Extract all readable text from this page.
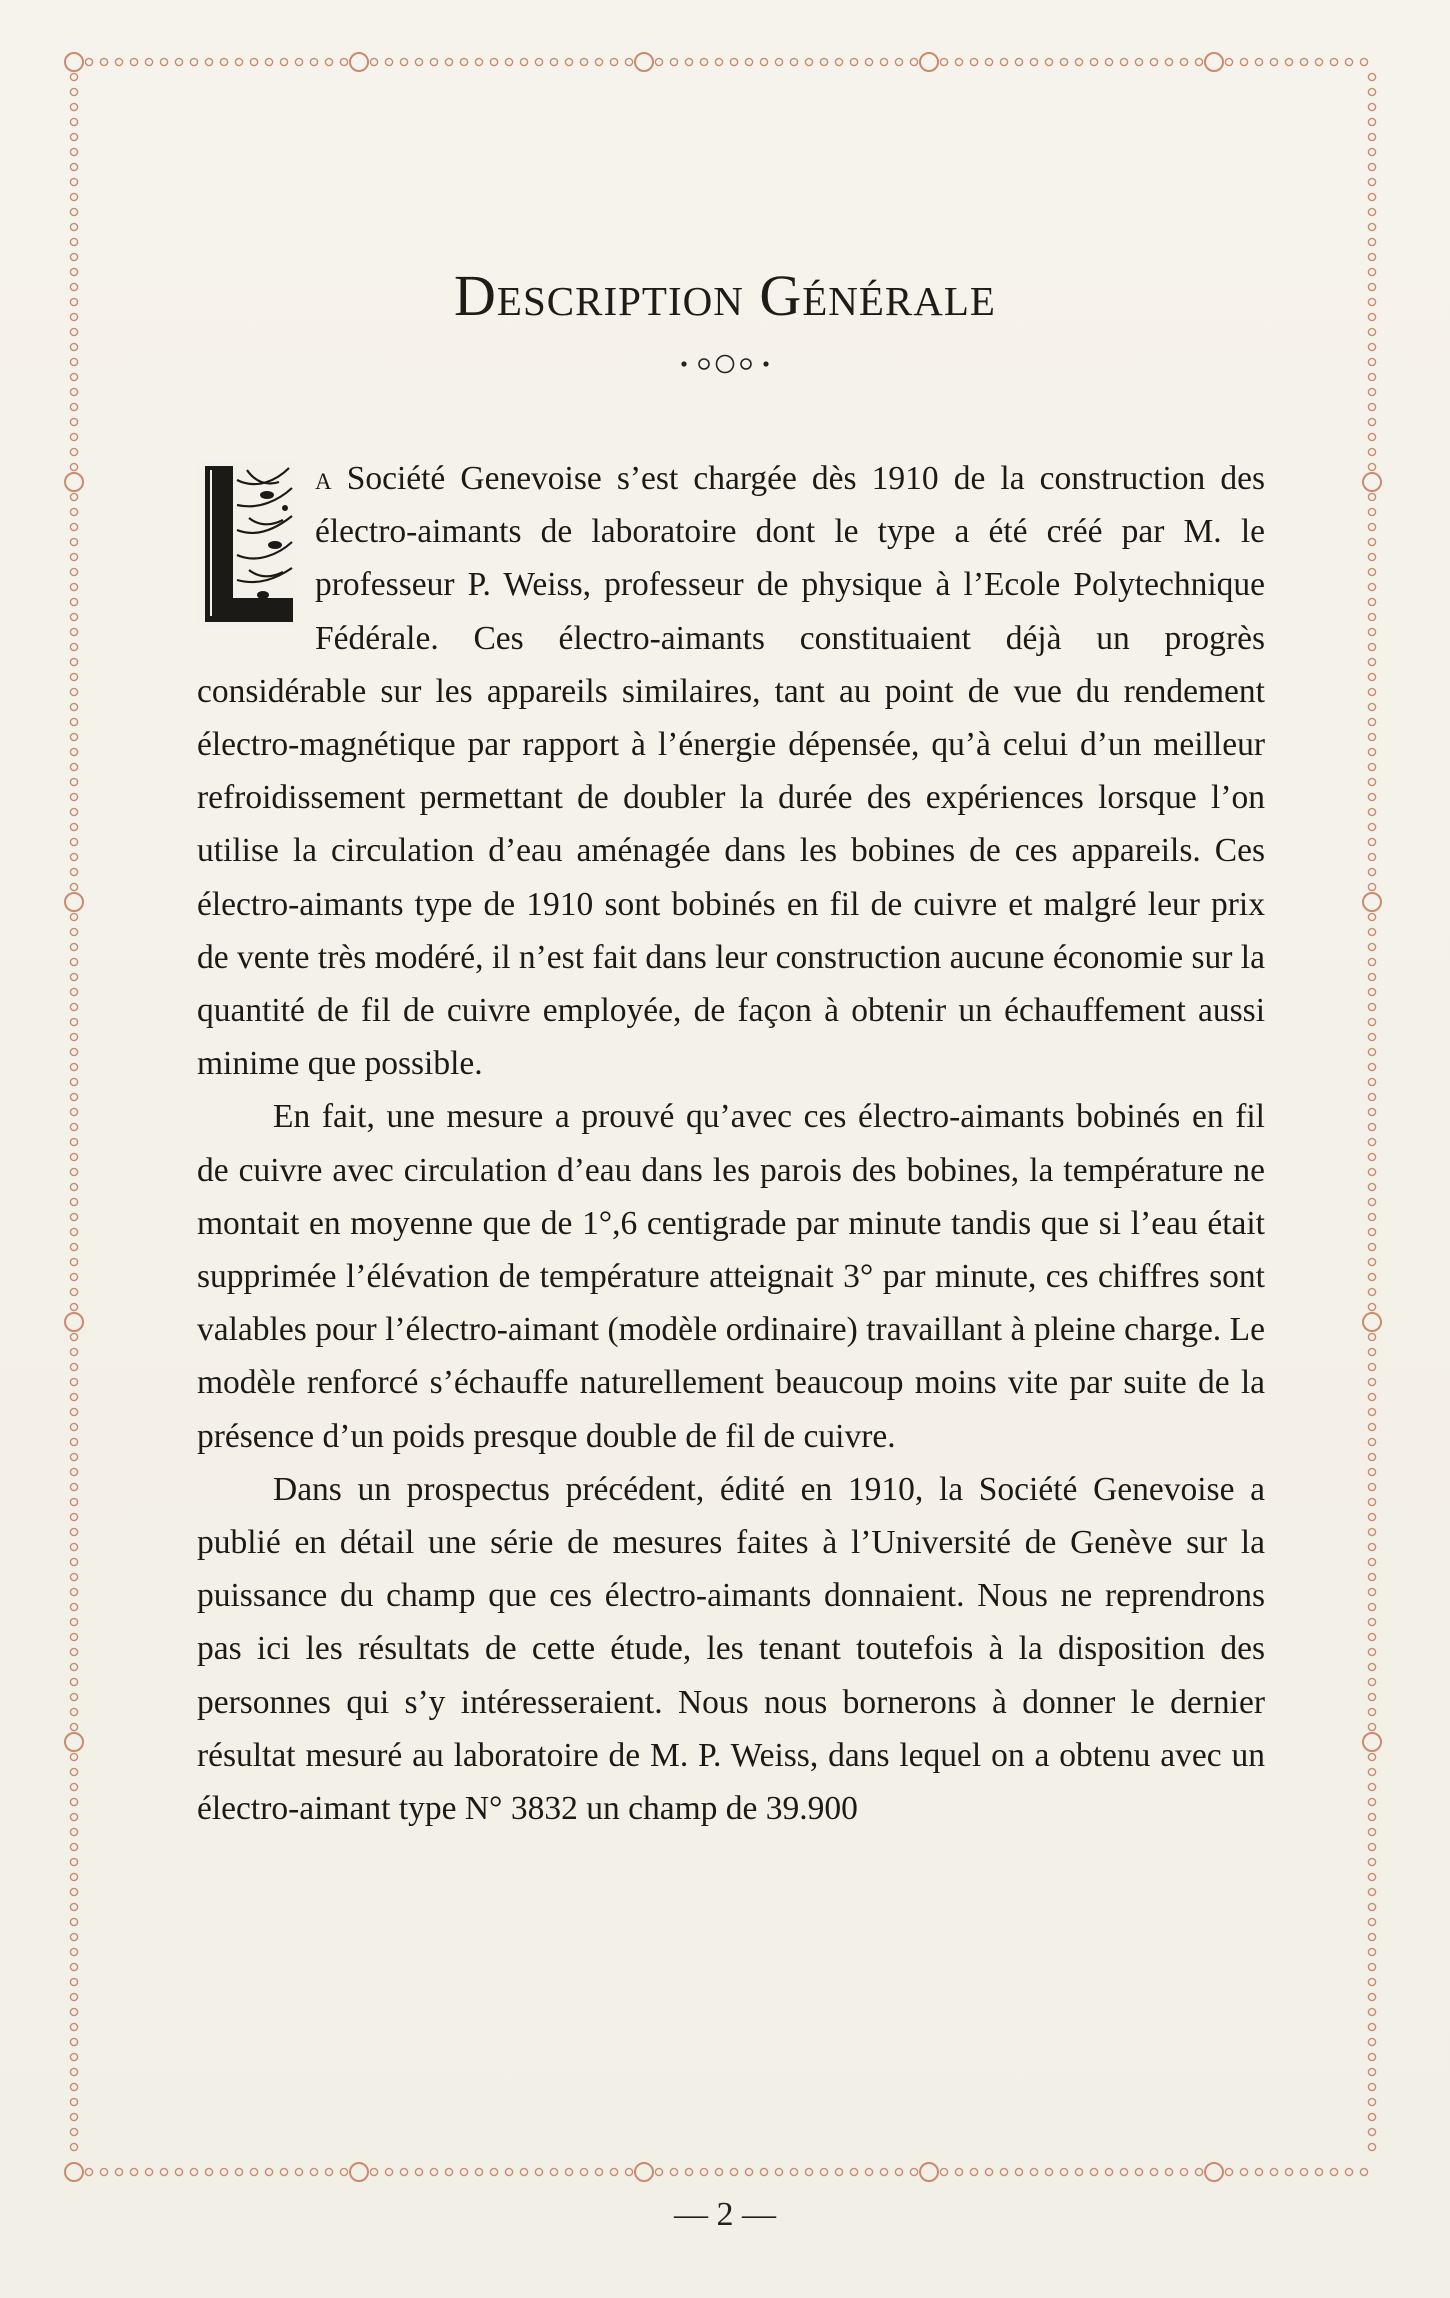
Description Générale

a Société Genevoise s’est chargée dès 1910 de la construction des électro-aimants de laboratoire dont le type a été créé par M. le professeur P. Weiss, professeur de physique à l’Ecole Polytechnique Fédérale. Ces électro-aimants constituaient déjà un progrès considérable sur les appareils similaires, tant au point de vue du rendement électro-magnétique par rapport à l’énergie dépensée, qu’à celui d’un meilleur refroidissement permettant de doubler la durée des expériences lorsque l’on utilise la circulation d’eau aménagée dans les bobines de ces appareils. Ces électro-aimants type de 1910 sont bobinés en fil de cuivre et malgré leur prix de vente très modéré, il n’est fait dans leur construction aucune économie sur la quantité de fil de cuivre employée, de façon à obtenir un échauffement aussi minime que possible.

En fait, une mesure a prouvé qu’avec ces électro-aimants bobinés en fil de cuivre avec circulation d’eau dans les parois des bobines, la température ne montait en moyenne que de 1°,6 centigrade par minute tandis que si l’eau était supprimée l’élévation de température atteignait 3° par minute, ces chiffres sont valables pour l’électro-aimant (modèle ordinaire) travaillant à pleine charge. Le modèle renforcé s’échauffe naturellement beaucoup moins vite par suite de la présence d’un poids presque double de fil de cuivre.

Dans un prospectus précédent, édité en 1910, la Société Genevoise a publié en détail une série de mesures faites à l’Université de Genève sur la puissance du champ que ces électro-aimants donnaient. Nous ne reprendrons pas ici les résultats de cette étude, les tenant toutefois à la disposition des personnes qui s’y intéresseraient. Nous nous bornerons à donner le dernier résultat mesuré au laboratoire de M. P. Weiss, dans lequel on a obtenu avec un électro-aimant type N° 3832 un champ de 39.900

— 2 —
